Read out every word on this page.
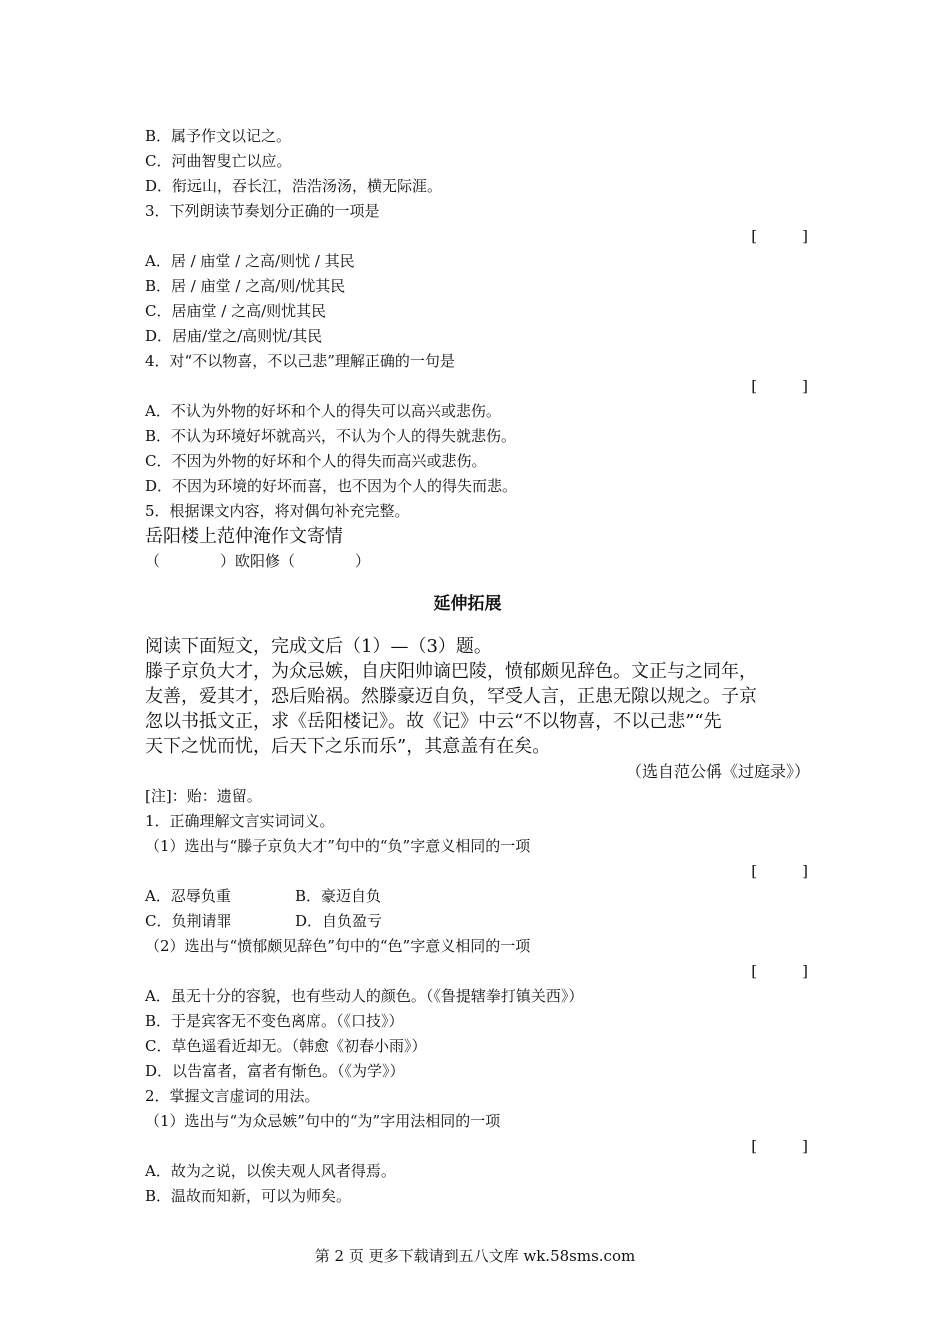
B．属予作文以记之。
C．河曲智叟亡以应。
D．衔远山，吞长江，浩浩汤汤，横无际涯。
3．下列朗读节奏划分正确的一项是
[　　　]
A．居 / 庙堂 / 之高/则忧 / 其民
B．居 / 庙堂 / 之高/则/忧其民
C．居庙堂 / 之高/则忧其民
D．居庙/堂之/高则忧/其民
4．对“不以物喜，不以己悲”理解正确的一句是
[　　　]
A．不认为外物的好坏和个人的得失可以高兴或悲伤。
B．不认为环境好坏就高兴，不认为个人的得失就悲伤。
C．不因为外物的好坏和个人的得失而高兴或悲伤。
D．不因为环境的好坏而喜，也不因为个人的得失而悲。
5．根据课文内容，将对偶句补充完整。
岳阳楼上范仲淹作文寄情
（　　　　）欧阳修（　　　　）
延伸拓展
阅读下面短文，完成文后（1）—（3）题。
滕子京负大才，为众忌嫉，自庆阳帅谪巴陵，愤郁颇见辞色。文正与之同年，
友善，爱其才，恐后贻祸。然滕豪迈自负，罕受人言，正患无隙以规之。子京
忽以书抵文正，求《岳阳楼记》。故《记》中云“不以物喜，不以己悲”“先
天下之忧而忧，后天下之乐而乐”，其意盖有在矣。
（选自范公偁《过庭录》）
[注]：贻：遗留。
1．正确理解文言实词词义。
（1）选出与“滕子京负大才”句中的“负”字意义相同的一项
[　　　]
A．忍辱负重	B．豪迈自负
C．负荆请罪	D．自负盈亏
（2）选出与“愤郁颇见辞色”句中的“色”字意义相同的一项
[　　　]
A．虽无十分的容貌，也有些动人的颜色。（《鲁提辖拳打镇关西》）
B．于是宾客无不变色离席。（《口技》）
C．草色遥看近却无。（韩愈《初春小雨》）
D．以告富者，富者有惭色。（《为学》）
2．掌握文言虚词的用法。
（1）选出与“为众忌嫉”句中的“为”字用法相同的一项
[　　　]
A．故为之说，以俟夫观人风者得焉。
B．温故而知新，可以为师矣。
第 2 页 更多下载请到五八文库 wk.58sms.com
